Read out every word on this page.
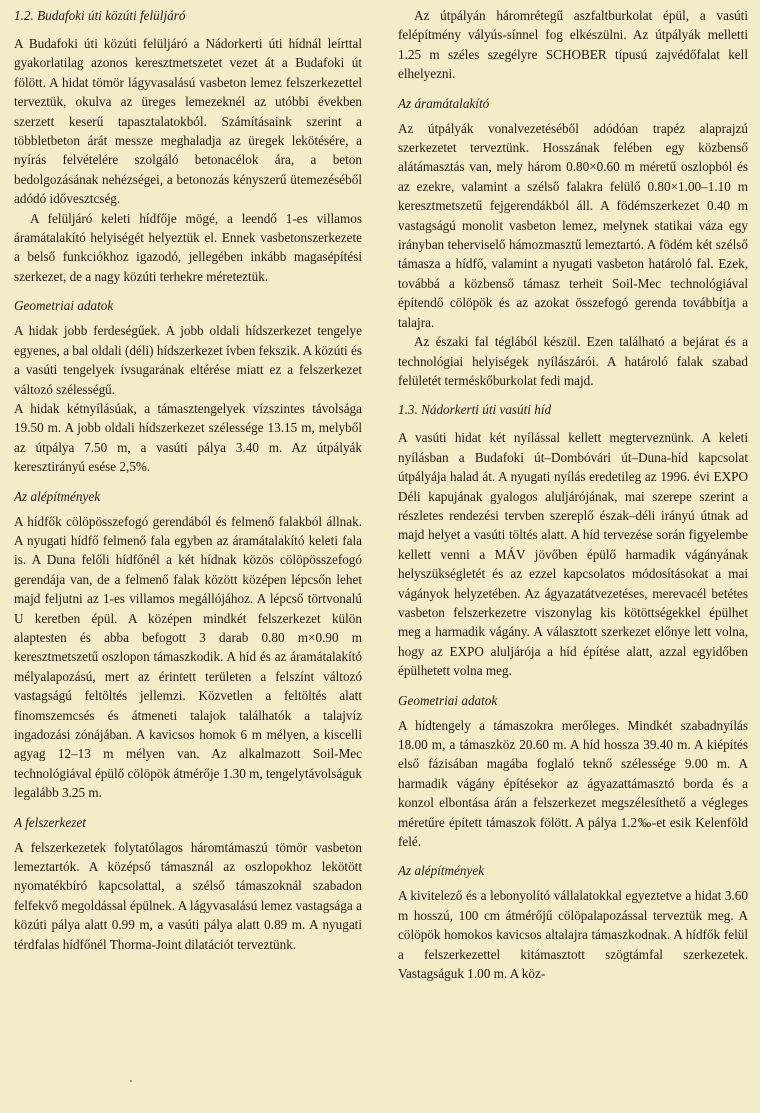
1.2. Budafoki úti közúti felüljáró

A Budafoki úti közúti felüljáró a Nádorkerti úti hídnál leírttal gyakorlatilag azonos keresztmetszetet vezet át a Budafoki út fölött. A hidat tömör lágyvasalású vasbeton lemez felszerkezettel terveztük, okulva az üreges lemezeknél az utóbbi években szerzett keserű tapasztalatokból. Számításaink szerint a többletbeton árát messze meghaladja az üregek lekötésére, a nyírás felvételére szolgáló betonacélok ára, a beton bedolgozásának nehézségei, a betonozás kényszerű ütemezéséből adódó idővesztcség.

A felüljáró keleti hídfője mögé, a leendő 1-es villamos áramátalakító helyiségét helyeztük el. Ennek vasbetonszerkezete a belső funkciókhoz igazodó, jellegében inkább magasépítési szerkezet, de a nagy közúti terhekre méreteztük.

Geometriai adatok

A hidak jobb ferdeségűek. A jobb oldali hídszerkezet tengelye egyenes, a bal oldali (déli) hídszerkezet ívben fekszik. A közúti és a vasúti tengelyek ívsugarának eltérése miatt ez a felszerkezet változó szélességű.

A hidak kétnyílásúak, a támasztengelyek vízszintes távolsága 19.50 m. A jobb oldali hídszerkezet szélessége 13.15 m, melyből az útpálya 7.50 m, a vasúti pálya 3.40 m. Az útpályák keresztirányú esése 2,5%.

Az alépítmények

A hídfők cölöpösszefogó gerendából és felmenő falakból állnak. A nyugati hídfő felmenő fala egyben az áramátalakító keleti fala is. A Duna felőli hídfőnél a két hídnak közös cölöpösszefogó gerendája van, de a felmenő falak között középen lépcsőn lehet majd feljutni az 1-es villamos megállójához. A lépcső törtvonalú U keretben épül. A középen mindkét felszerkezet külön alaptesten és abba befogott 3 darab 0.80 m×0.90 m keresztmetszetű oszlopon támaszkodik. A híd és az áramátalakító mélyalapozású, mert az érintett területen a felszínt változó vastagságú feltöltés jellemzi. Közvetlen a feltöltés alatt finomszemcsés és átmeneti talajok találhatók a talajvíz ingadozási zónájában. A kavicsos homok 6 m mélyen, a kiscelli agyag 12–13 m mélyen van. Az alkalmazott Soil-Mec technológiával épülő cölöpök átmérője 1.30 m, tengelytávolságuk legalább 3.25 m.

A felszerkezet

A felszerkezetek folytatólagos háromtámaszú tömör vasbeton lemeztartók. A középső támasznál az oszlopokhoz lekötött nyomatékbíró kapcsolattal, a szélső támaszoknál szabadon felfekvő megoldással épülnek. A lágyvasalású lemez vastagsága a közúti pálya alatt 0.99 m, a vasúti pálya alatt 0.89 m. A nyugati térdfalas hídfőnél Thorma-Joint dilatációt terveztünk.

Az útpályán háromrétegű aszfaltburkolat épül, a vasúti felépítmény vályús-sínnel fog elkészülni. Az útpályák melletti 1.25 m széles szegélyre SCHOBER típusú zajvédőfalat kell elhelyezni.

Az áramátalakító

Az útpályák vonalvezetéséből adódóan trapéz alaprajzú szerkezetet terveztünk. Hosszának felében egy közbenső alátámasztás van, mely három 0.80×0.60 m méretű oszlopból és az ezekre, valamint a szélső falakra felülő 0.80×1.00–1.10 m keresztmetszetű fejgerendákból áll. A födémszerkezet 0.40 m vastagságú monolit vasbeton lemez, melynek statikai váza egy irányban teherviselő hámozmasztű lemeztartó. A födém két szélső támasza a hídfő, valamint a nyugati vasbeton határoló fal. Ezek, továbbá a közbenső támasz terheit Soil-Mec technológiával építendő cölöpök és az azokat összefogó gerenda továbbítja a talajra.

Az északi fal téglából készül. Ezen található a bejárat és a technológiai helyiségek nyílászárói. A határoló falak szabad felületét terméskőburkolat fedi majd.

1.3. Nádorkerti úti vasúti híd

A vasúti hidat két nyílással kellett megterveznünk. A keleti nyílásban a Budafoki út–Dombóvári út–Duna-híd kapcsolat útpályája halad át. A nyugati nyílás eredetileg az 1996. évi EXPO Déli kapujának gyalogos aluljárójának, mai szerepe szerint a részletes rendezési tervben szereplő észak–déli irányú útnak ad majd helyet a vasúti töltés alatt. A híd tervezése során figyelembe kellett venni a MÁV jövőben épülő harmadik vágányának helyszükségletét és az ezzel kapcsolatos módosításokat a mai vágányok helyzetében. Az ágyazatátvezetéses, merevacél betétes vasbeton felszerkezetre viszonylag kis kötöttségekkel épülhet meg a harmadik vágány. A választott szerkezet előnye lett volna, hogy az EXPO aluljárója a híd építése alatt, azzal egyidőben épülhetett volna meg.

Geometriai adatok

A hídtengely a támaszokra merőleges. Mindkét szabadnyílás 18.00 m, a támaszköz 20.60 m. A híd hossza 39.40 m. A kiépítés első fázisában magába foglaló teknő szélessége 9.00 m. A harmadik vágány építésekor az ágyazattámasztó borda és a konzol elbontása árán a felszerkezet megszélesíthető a végleges méretűre épített támaszok fölött. A pálya 1.2‰-et esik Kelenföld felé.

Az alépítmények

A kivitelező és a lebonyolító vállalatokkal egyeztetve a hidat 3.60 m hosszú, 100 cm átmérőjű cölöpalapozással terveztük meg. A cölöpök homokos kavicsos altalajra támaszkodnak. A hídfők felül a felszerkezettel kitámasztott szögtámfal szerkezetek. Vastagságuk 1.00 m. A köz-
